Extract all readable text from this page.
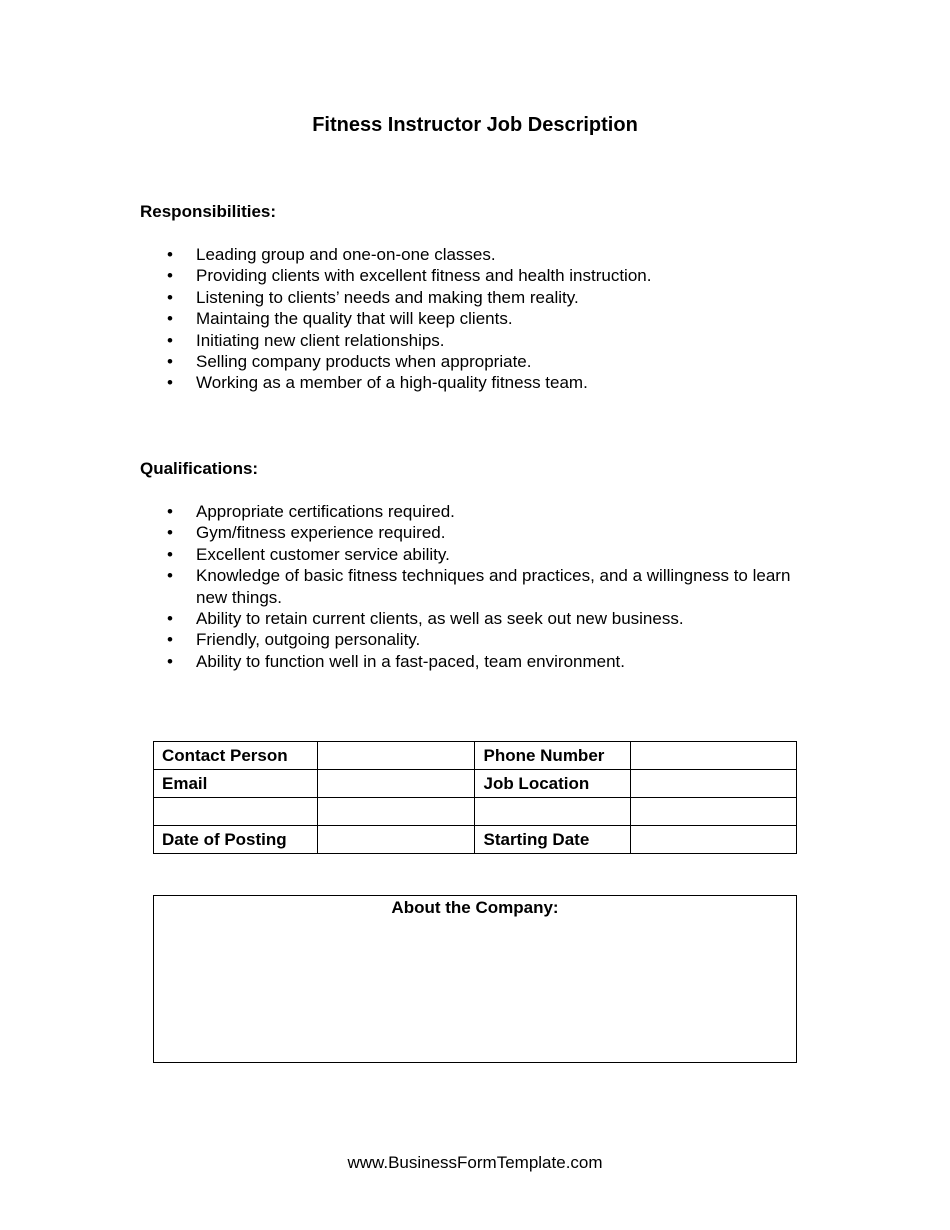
Fitness Instructor Job Description
Responsibilities:
• Leading group and one-on-one classes.
• Providing clients with excellent fitness and health instruction.
• Listening to clients’ needs and making them reality.
• Maintaing the quality that will keep clients.
• Initiating new client relationships.
• Selling company products when appropriate.
• Working as a member of a high-quality fitness team.
Qualifications:
• Appropriate certifications required.
• Gym/fitness experience required.
• Excellent customer service ability.
• Knowledge of basic fitness techniques and practices, and a willingness to learn new things.
• Ability to retain current clients, as well as seek out new business.
• Friendly, outgoing personality.
• Ability to function well in a fast-paced, team environment.
Contact Person		Phone Number	
Email		Job Location	

Date of Posting		Starting Date	
About the Company:
www.BusinessFormTemplate.com
